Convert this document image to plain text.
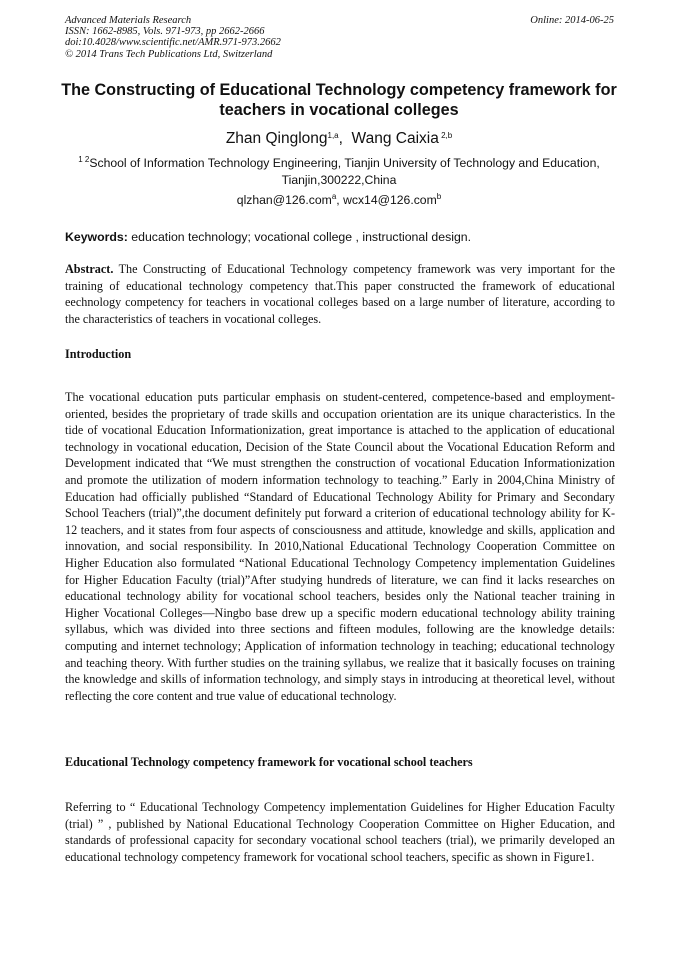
Advanced Materials Research
ISSN: 1662-8985, Vols. 971-973, pp 2662-2666
doi:10.4028/www.scientific.net/AMR.971-973.2662
© 2014 Trans Tech Publications Ltd, Switzerland
Online: 2014-06-25
The Constructing of Educational Technology competency framework for teachers in vocational colleges
Zhan Qinglong$^{1,a}$,  Wang Caixia $^{2,b}$
$^{1 2}$School of Information Technology Engineering, Tianjin University of Technology and Education, Tianjin,300222,China
qlzhan@126.com$^a$, wcx14@126.com$^b$
Keywords: education technology; vocational college , instructional design.
Abstract. The Constructing of Educational Technology competency framework was very important for the training of educational technology competency that.This paper constructed the framework of educational eechnology competency for teachers in vocational colleges based on a large number of literature, according to the characteristics of teachers in vocational colleges.
Introduction
The vocational education puts particular emphasis on student-centered, competence-based and employment-oriented, besides the proprietary of trade skills and occupation orientation are its unique characteristics. In the tide of vocational Education Informationization, great importance is attached to the application of educational technology in vocational education, Decision of the State Council about the Vocational Education Reform and Development indicated that “We must strengthen the construction of vocational Education Informationization and promote the utilization of modern information technology to teaching.” Early in 2004,China Ministry of Education had officially published “Standard of Educational Technology Ability for Primary and Secondary School Teachers (trial)”,the document definitely put forward a criterion of educational technology ability for K-12 teachers, and it states from four aspects of consciousness and attitude, knowledge and skills, application and innovation, and social responsibility. In 2010,National Educational Technology Cooperation Committee on Higher Education also formulated “National Educational Technology Competency implementation Guidelines for Higher Education Faculty (trial)”After studying hundreds of literature, we can find it lacks researches on educational technology ability for vocational school teachers, besides only the National teacher training in Higher Vocational Colleges—Ningbo base drew up a specific modern educational technology ability training syllabus, which was divided into three sections and fifteen modules, following are the knowledge details: computing and internet technology; Application of information technology in teaching; educational technology and teaching theory. With further studies on the training syllabus, we realize that it basically focuses on training the knowledge and skills of information technology, and simply stays in introducing at theoretical level, without reflecting the core content and true value of educational technology.
Educational Technology competency framework for vocational school teachers
Referring to “ Educational Technology Competency implementation Guidelines for Higher Education Faculty (trial) ” , published by National Educational Technology Cooperation Committee on Higher Education, and standards of professional capacity for secondary vocational school teachers (trial), we primarily developed an educational technology competency framework for vocational school teachers, specific as shown in Figure1.
